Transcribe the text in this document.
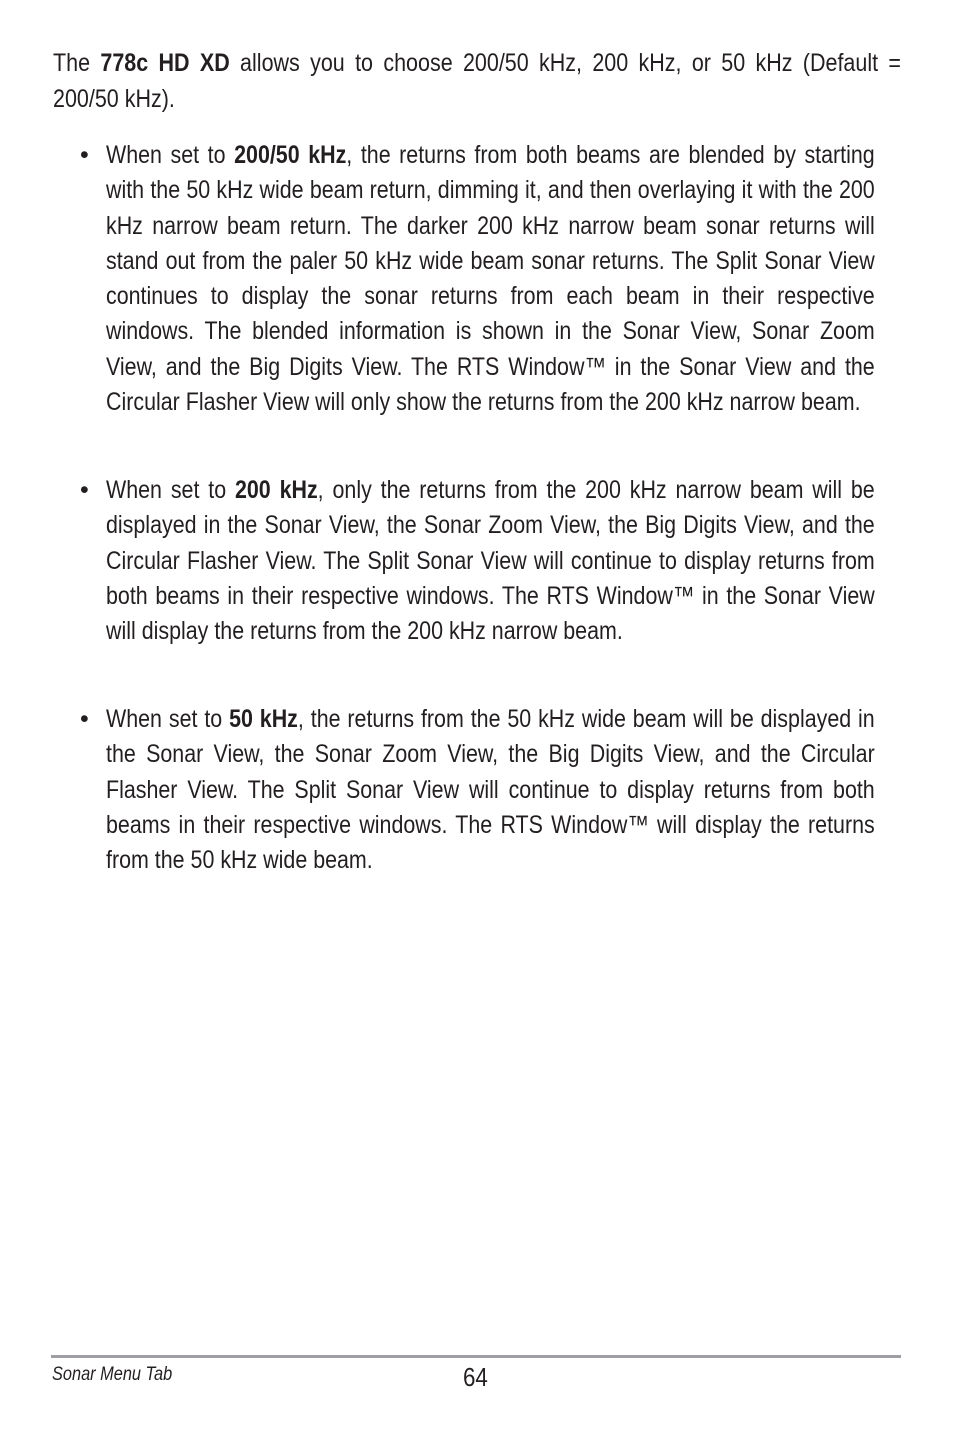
The 778c HD XD allows you to choose 200/50 kHz, 200 kHz, or 50 kHz (Default = 200/50 kHz).

• When set to 200/50 kHz, the returns from both beams are blended by starting with the 50 kHz wide beam return, dimming it, and then overlaying it with the 200 kHz narrow beam return. The darker 200 kHz narrow beam sonar returns will stand out from the paler 50 kHz wide beam sonar returns. The Split Sonar View continues to display the sonar returns from each beam in their respective windows. The blended information is shown in the Sonar View, Sonar Zoom View, and the Big Digits View. The RTS Window™ in the Sonar View and the Circular Flasher View will only show the returns from the 200 kHz narrow beam.

• When set to 200 kHz, only the returns from the 200 kHz narrow beam will be displayed in the Sonar View, the Sonar Zoom View, the Big Digits View, and the Circular Flasher View. The Split Sonar View will continue to display returns from both beams in their respective windows. The RTS Window™ in the Sonar View will display the returns from the 200 kHz narrow beam.

• When set to 50 kHz, the returns from the 50 kHz wide beam will be displayed in the Sonar View, the Sonar Zoom View, the Big Digits View, and the Circular Flasher View. The Split Sonar View will continue to display returns from both beams in their respective windows. The RTS Window™ will display the returns from the 50 kHz wide beam.

Sonar Menu Tab	64
